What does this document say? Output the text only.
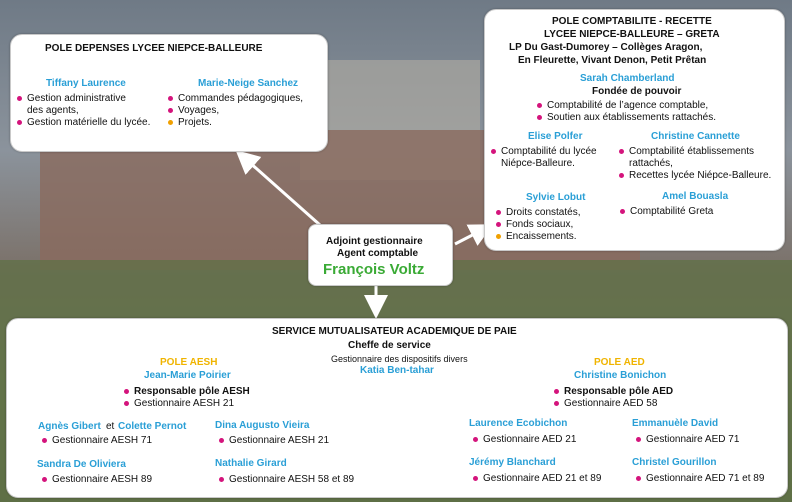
POLE DEPENSES LYCEE NIEPCE-BALLEURE
Tiffany Laurence
Gestion administrative
des agents,
Gestion matérielle du lycée.
Marie-Neige Sanchez
Commandes pédagogiques,
Voyages,
Projets.
POLE COMPTABILITE - RECETTE
LYCEE NIEPCE-BALLEURE – GRETA
LP Du Gast-Dumorey – Collèges Aragon,
En Fleurette, Vivant Denon, Petit Prêtan
Sarah Chamberland
Fondée de pouvoir
Comptabilité de l’agence comptable,
Soutien aux établissements rattachés.
Elise Polfer
Comptabilité du lycée
Niépce-Balleure.
Christine Cannette
Comptabilité établissements
rattachés,
Recettes lycée Niépce-Balleure.
Sylvie Lobut
Droits constatés,
Fonds sociaux,
Encaissements.
Amel Bouasla
Comptabilité Greta
Adjoint gestionnaire
Agent comptable
François Voltz
SERVICE MUTUALISATEUR ACADEMIQUE DE PAIE
Cheffe de service
Gestionnaire des dispositifs divers
Katia Ben-tahar
POLE AESH
Jean-Marie Poirier
Responsable pôle AESH
Gestionnaire AESH 21
Agnès Gibert et Colette Pernot
Gestionnaire AESH 71
Dina Augusto Vieira
Gestionnaire AESH 21
Sandra De Oliviera
Gestionnaire AESH 89
Nathalie Girard
Gestionnaire AESH 58 et 89
POLE AED
Christine Bonichon
Responsable pôle AED
Gestionnaire AED 58
Laurence Ecobichon
Gestionnaire AED 21
Emmanuèle David
Gestionnaire AED 71
Jérémy Blanchard
Gestionnaire AED 21 et 89
Christel Gourillon
Gestionnaire AED 71 et 89
